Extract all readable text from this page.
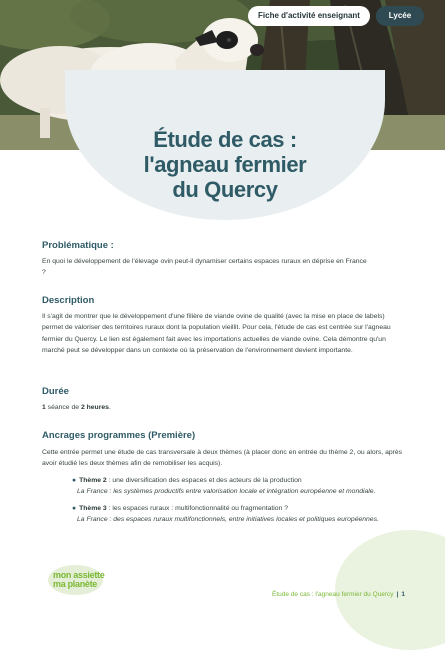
Fiche d'activité enseignant	Lycée
Étude de cas :
l'agneau fermier
du Quercy
Problématique :

En quoi le développement de l'élevage ovin peut-il dynamiser certains espaces ruraux en déprise en France ?

Description

Il s'agit de montrer que le développement d'une filière de viande ovine de qualité (avec la mise en place de labels) permet de valoriser des territoires ruraux dont la population vieillit. Pour cela, l'étude de cas est centrée sur l'agneau fermier du Quercy. Le lien est également fait avec les importations actuelles de viande ovine. Cela démontre qu'un marché peut se développer dans un contexte où la préservation de l'environnement devient importante.

Durée

1 séance de 2 heures.

Ancrages programmes (Première)

Cette entrée permet une étude de cas transversale à deux thèmes (à placer donc en entrée du thème 2, ou alors, après avoir étudié les deux thèmes afin de remobiliser les acquis).

● Thème 2 : une diversification des espaces et des acteurs de la production
La France : les systèmes productifs entre valorisation locale et intégration européenne et mondiale.
● Thème 3 : les espaces ruraux : multifonctionnalité ou fragmentation ?
La France : des espaces ruraux multifonctionnels, entre initiatives locales et politiques européennes.
mon assiette
ma planète
Étude de cas : l'agneau fermier du Quercy | 1
